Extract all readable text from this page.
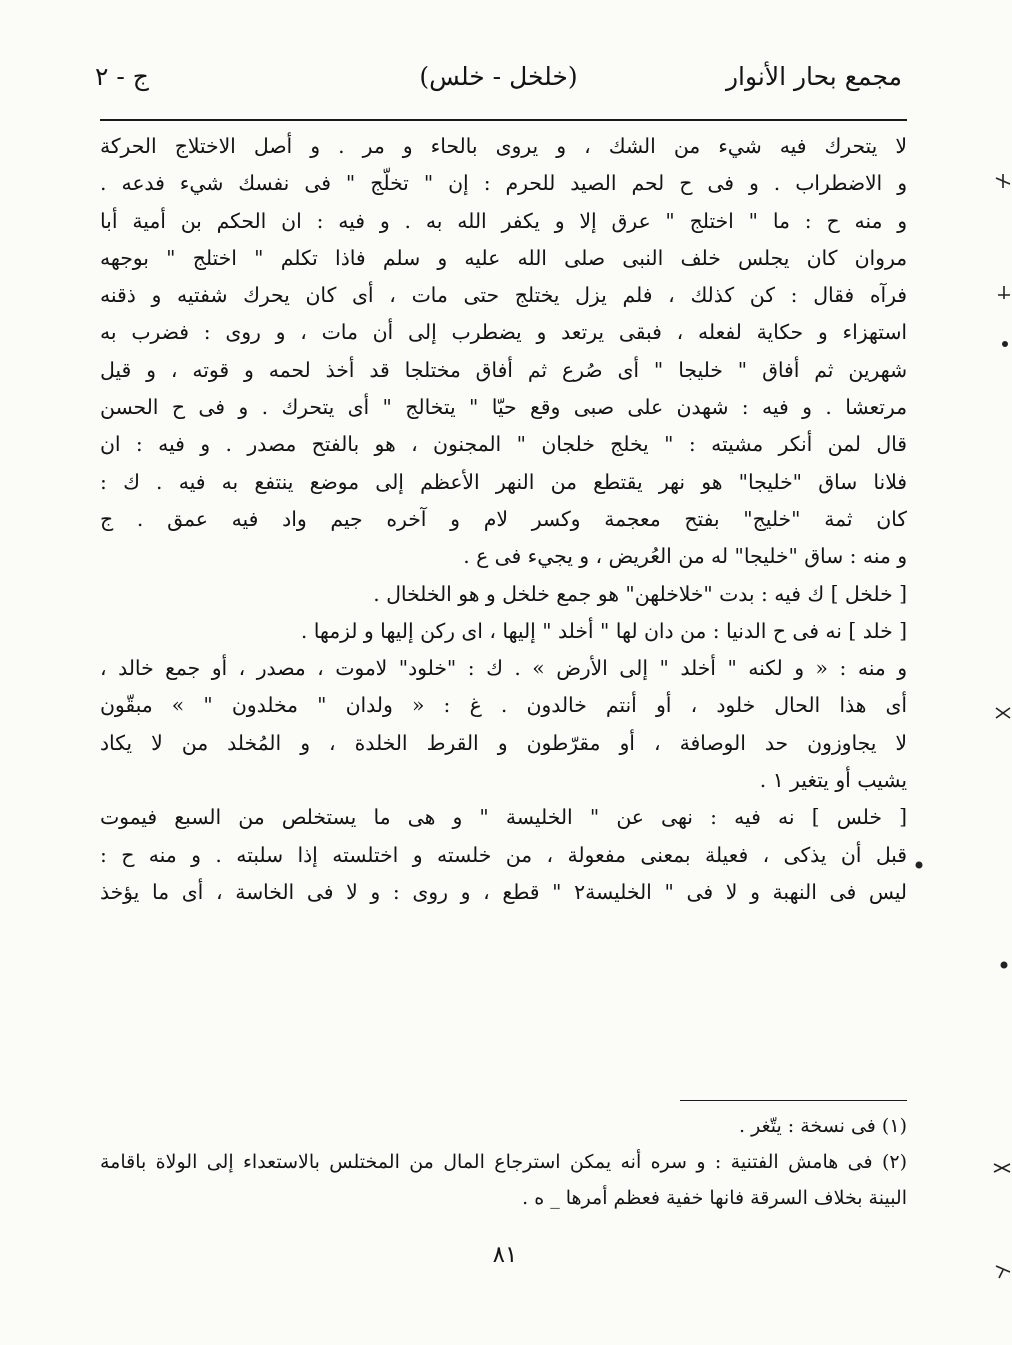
مجمع بحار الأنوار
(خلخل - خلس)
ج - ٢
لا يتحرك فيه شيء من الشك ، و يروى بالحاء و مر . و أصل الاختلاج الحركة
و الاضطراب . و فى ح لحم الصيد للحرم : إن " تخلّج " فى نفسك شيء فدعه .
و منه ح : ما " اختلج " عرق إلا و يكفر الله به . و فيه : ان الحكم بن أمية أبا
مروان كان يجلس خلف النبى صلى الله عليه و سلم فاذا تكلم " اختلج " بوجهه
فرآه فقال : كن كذلك ، فلم يزل يختلج حتى مات ، أى كان يحرك شفتيه و ذقنه
استهزاء و حكاية لفعله ، فبقى يرتعد و يضطرب إلى أن مات ، و روى : فضرب به
شهرين ثم أفاق " خليجا " أى صُرع ثم أفاق مختلجا قد أخذ لحمه و قوته ، و قيل
مرتعشا . و فيه : شهدن على صبى وقع حيّا " يتخالج " أى يتحرك . و فى ح الحسن
قال لمن أنكر مشيته : " يخلج خلجان " المجنون ، هو بالفتح مصدر . و فيه : ان
فلانا ساق "خليجا" هو نهر يقتطع من النهر الأعظم إلى موضع ينتفع به فيه . ك :
كان ثمة "خليج" بفتح معجمة وكسر لام و آخره جيم واد فيه عمق . ج
و منه : ساق "خليجا" له من العُريض ، و يجيء فى ع .
[ خلخل ] ك فيه : بدت "خلاخلهن" هو جمع خلخل و هو الخلخال .
[ خلد ] نه فى ح الدنيا : من دان لها " أخلد " إليها ، اى ركن إليها و لزمها .
و منه : « و لكنه " أخلد " إلى الأرض » . ك : "خلود" لاموت ، مصدر ، أو جمع خالد ،
أى هذا الحال خلود ، أو أنتم خالدون . غ : « ولدان " مخلدون " » مبقّون
لا يجاوزون حد الوصافة ، أو مقرّطون و القرط الخلدة ، و المُخلد من لا يكاد
يشيب أو يتغير ١ .
[ خلس ] نه فيه : نهى عن " الخليسة " و هى ما يستخلص من السبع فيموت
قبل أن يذكى ، فعيلة بمعنى مفعولة ، من خلسته و اختلسته إذا سلبته . و منه ح :
ليس فى النهبة و لا فى " الخليسة٢ " قطع ، و روى : و لا فى الخاسة ، أى ما يؤخذ
(١) فى نسخة : يتّغر .
(٢) فى هامش الفتنية : و سره أنه يمكن استرجاع المال من المختلس بالاستعداء إلى الولاة باقامة
البينة بخلاف السرقة فانها خفية فعظم أمرها _ ه .
٨١
